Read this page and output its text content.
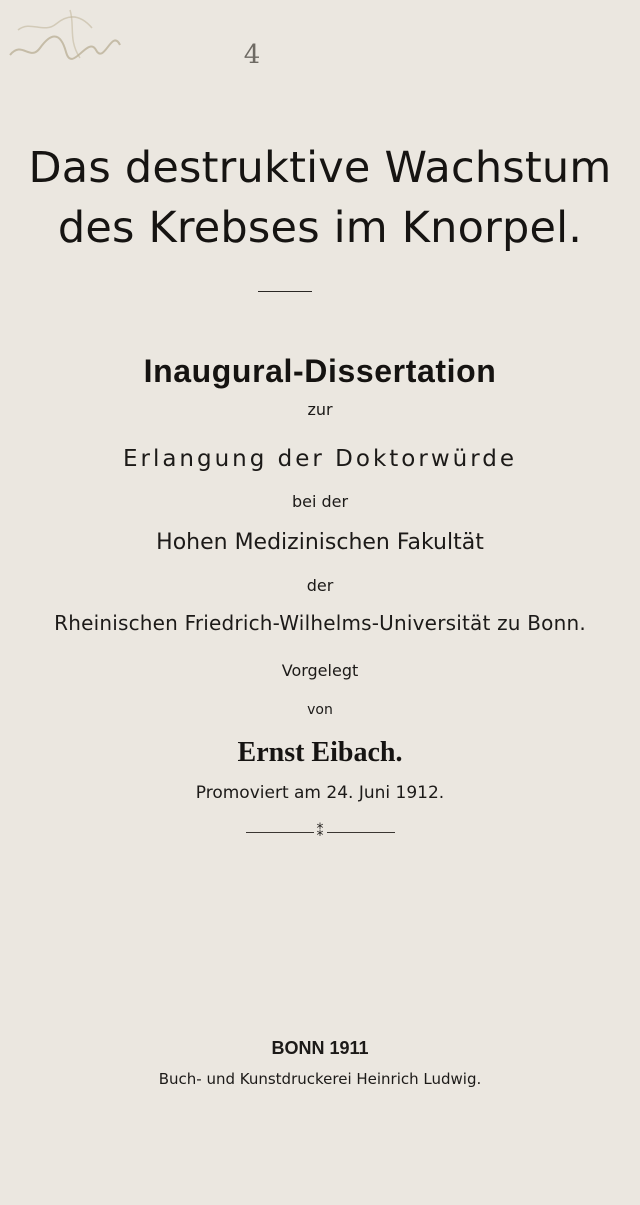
4
Das destruktive Wachstum
des Krebses im Knorpel.
Inaugural-Dissertation
zur
Erlangung der Doktorwürde
bei der
Hohen Medizinischen Fakultät
der
Rheinischen Friedrich-Wilhelms-Universität zu Bonn.
Vorgelegt
von
Ernst Eibach.
Promoviert am 24. Juni 1912.
⁑
BONN 1911
Buch- und Kunstdruckerei Heinrich Ludwig.
